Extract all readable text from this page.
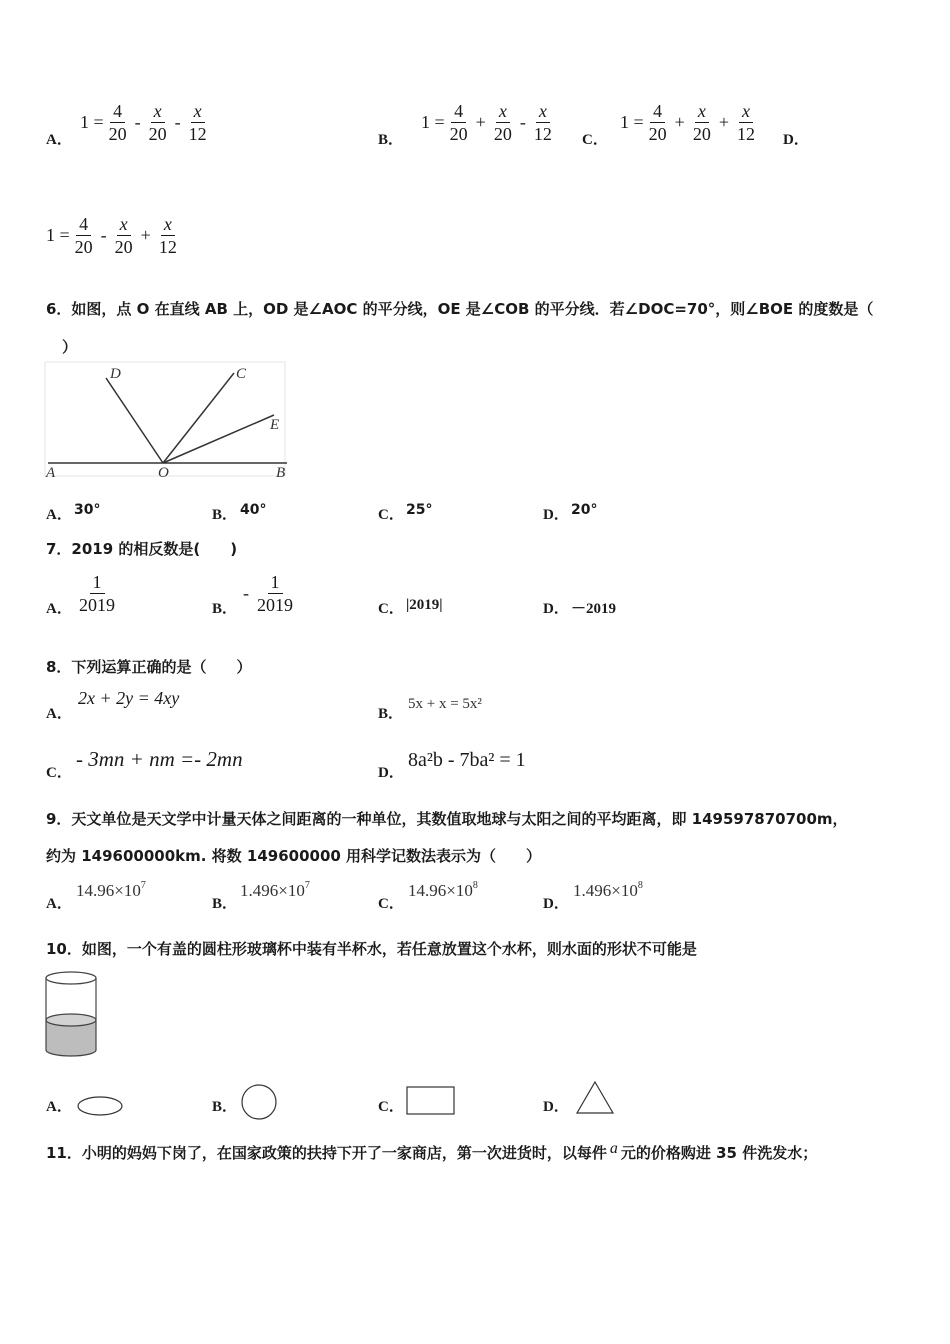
A．
$1 = \frac{4}{20} - \frac{x}{20} - \frac{x}{12}$	B．
$1 = \frac{4}{20} + \frac{x}{20} - \frac{x}{12}$ C．
$1 = \frac{4}{20} + \frac{x}{20} + \frac{x}{12}$ D．
$1 = \frac{4}{20} - \frac{x}{20} + \frac{x}{12}$
6．如图，点 O 在直线 AB 上，OD 是∠AOC 的平分线，OE 是∠COB 的平分线．若∠DOC=70°，则∠BOE 的度数是（
）
A	O	B
D	C
E
A． 30°	B． 40°	C． 25°	D． 20°
7．2019 的相反数是(　　)
A． $\frac{1}{2019}$	B．
- $\frac{1}{2019}$	C． |2019|	D． －2019
8．下列运算正确的是（　　）
A．
2x + 2y = 4xy
B．
5x + x = 5x²
C．
- 3mn + nm =- 2mn
D．
8a²b - 7ba² = 1
9．天文单位是天文学中计量天体之间距离的一种单位，其数值取地球与太阳之间的平均距离，即 149597870700m，
约为 149600000km. 将数 149600000 用科学记数法表示为（　　）
A．
$14.96\times 10^7$
B．
$1.496\times 10^7$
C．
$14.96\times 10^8$
D．
$1.496\times 10^8$
10．如图，一个有盖的圆柱形玻璃杯中装有半杯水，若任意放置这个水杯，则水面的形状不可能是
A．	B．	C．	D．
11．小明的妈妈下岗了，在国家政策的扶持下开了一家商店，第一次进货时，以每件 a 元的价格购进 35 件洗发水；
